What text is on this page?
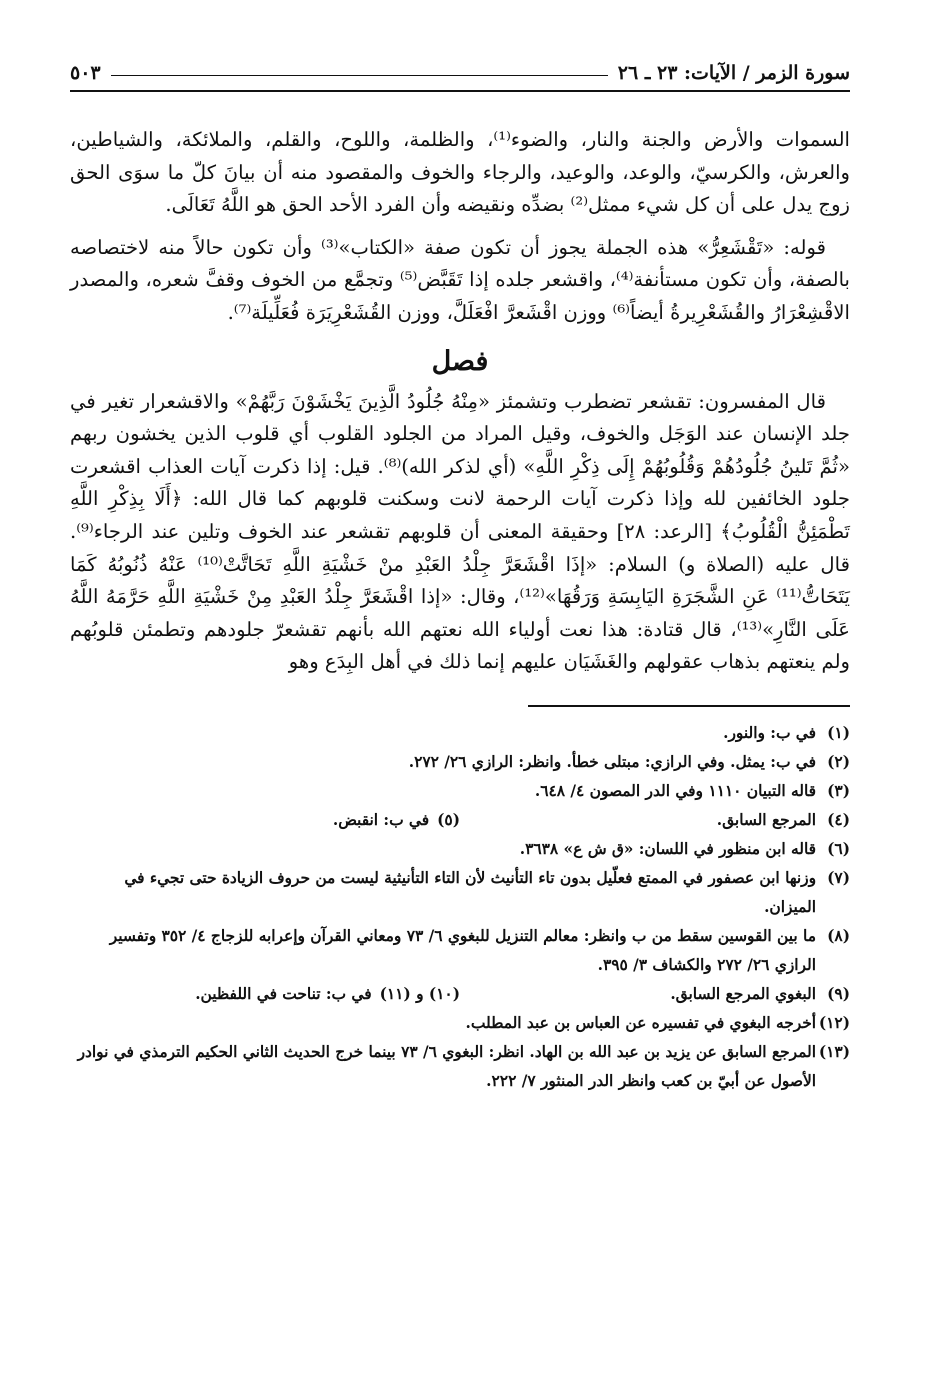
سورة الزمر / الآيات: ٢٣ ـ ٢٦
٥٠٣

السموات والأرض والجنة والنار، والضوء⁽¹⁾، والظلمة، واللوح، والقلم، والملائكة، والشياطين، والعرش، والكرسيّ، والوعد، والوعيد، والرجاء والخوف والمقصود منه أن بيانَ كلّ ما سوَى الحق زوج يدل على أن كل شيء ممثل⁽²⁾ بضدِّه ونقيضه وأن الفرد الأحد الحق هو اللَّهُ تَعَالَى.

قوله: «تَقْشَعِرُّ» هذه الجملة يجوز أن تكون صفة «الكتاب»⁽³⁾ وأن تكون حالاً منه لاختصاصه بالصفة، وأن تكون مستأنفة⁽⁴⁾، واقشعر جلده إذا تَقَبَّض⁽⁵⁾ وتجمَّع من الخوف وقفَّ شعره، والمصدر الاقْشِعْرَارُ والقُشَعْرِيرةُ أيضاً⁽⁶⁾ ووزن اقْشَعرَّ افْعَلَلَّ، ووزن القُشَعْرِيَرَة فُعَلِّيلَة⁽⁷⁾.

فصل

قال المفسرون: تقشعر تضطرب وتشمئز «مِنْهُ جُلُودُ الَّذِينَ يَخْشَوْنَ رَبَّهُمْ» والاقشعرار تغير في جلد الإنسان عند الوَجَل والخوف، وقيل المراد من الجلود القلوب أي قلوب الذين يخشون ربهم «ثُمَّ تَلينُ جُلُودُهُمْ وَقُلُوبُهُمْ إِلَى ذِكْرِ اللَّهِ» (أي لذكر الله)⁽⁸⁾. قيل: إذا ذكرت آيات العذاب اقشعرت جلود الخائفين لله وإذا ذكرت آيات الرحمة لانت وسكنت قلوبهم كما قال الله: ﴿أَلَا بِذِكْرِ اللَّهِ تَطْمَئِنُّ الْقُلُوبُ﴾ [الرعد: ٢٨] وحقيقة المعنى أن قلوبهم تقشعر عند الخوف وتلين عند الرجاء⁽⁹⁾. قال عليه (الصلاة و) السلام: «إذَا اقْشَعَرَّ جِلْدُ العَبْدِ منْ خَشْيَةِ اللَّهِ تَحَاتَّتْ⁽¹⁰⁾ عَنْهُ ذُنُوبُهُ كَمَا يَتَحَاتُّ⁽¹¹⁾ عَنِ الشَّجَرَةِ اليَابِسَةِ وَرَقُهَا»⁽¹²⁾، وقال: «إذا اقْشَعَرَّ جِلْدُ العَبْدِ مِنْ خَشْيَةِ اللَّهِ حَرَّمَهُ اللَّهُ عَلَى النَّارِ»⁽¹³⁾، قال قتادة: هذا نعت أولياء الله نعتهم الله بأنهم تقشعرّ جلودهم وتطمئن قلوبُهم ولم ينعتهم بذهاب عقولهم والغَشَيَان عليهم إنما ذلك في أهل البِدَع وهو

(١)
في ب: والنور.
(٢)
في ب: يمثل. وفي الرازي: مبتلى خطأ. وانظر: الرازي ٢٦/ ٢٧٢.
(٣)
قاله التبيان ١١١٠ وفي الدر المصون ٤/ ٦٤٨.
(٤)
المرجع السابق.
(٥)
في ب: انقبض.
(٦)
قاله ابن منظور في اللسان: «ق ش ع» ٣٦٣٨.
(٧)
وزنها ابن عصفور في الممتع فعلّيل بدون تاء التأنيث لأن التاء التأنيثية ليست من حروف الزيادة حتى تجيء في الميزان.
(٨)
ما بين القوسين سقط من ب وانظر: معالم التنزيل للبغوي ٦/ ٧٣ ومعاني القرآن وإعرابه للزجاج ٤/ ٣٥٢ وتفسير الرازي ٢٦/ ٢٧٢ والكشاف ٣/ ٣٩٥.
(٩)
البغوي المرجع السابق.
(١٠) و (١١)
في ب: تناحت في اللفظين.
(١٢)
أخرجه البغوي في تفسيره عن العباس بن عبد المطلب.
(١٣)
المرجع السابق عن يزيد بن عبد الله بن الهاد. انظر: البغوي ٦/ ٧٣ بينما خرج الحديث الثاني الحكيم الترمذي في نوادر الأصول عن أبيّ بن كعب وانظر الدر المنثور ٧/ ٢٢٢.
